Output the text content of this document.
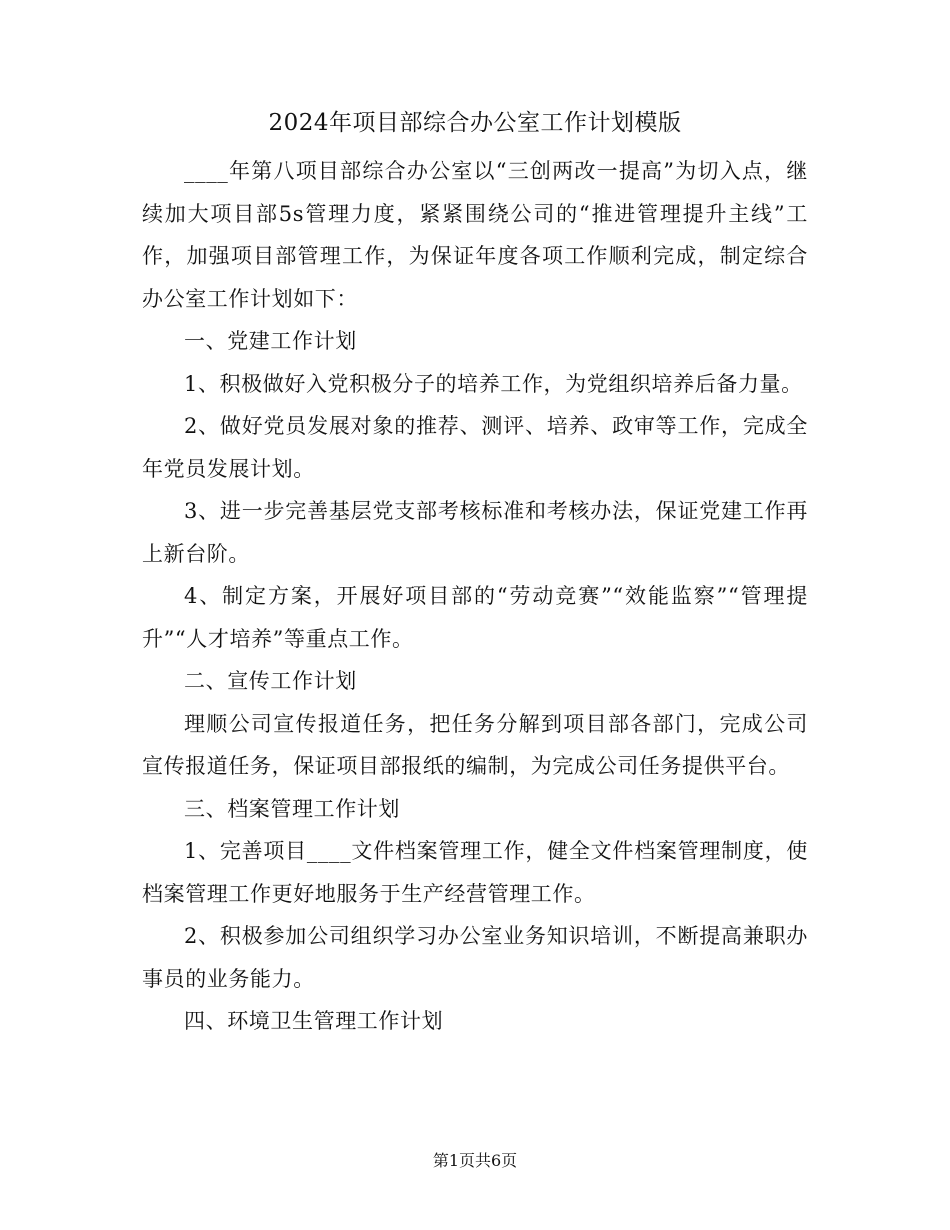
2024年项目部综合办公室工作计划模版

____年第八项目部综合办公室以“三创两改一提高”为切入点，继续加大项目部5s管理力度，紧紧围绕公司的“推进管理提升主线”工作，加强项目部管理工作，为保证年度各项工作顺利完成，制定综合办公室工作计划如下：

一、党建工作计划

1、积极做好入党积极分子的培养工作，为党组织培养后备力量。

2、做好党员发展对象的推荐、测评、培养、政审等工作，完成全年党员发展计划。

3、进一步完善基层党支部考核标准和考核办法，保证党建工作再上新台阶。

4、制定方案，开展好项目部的“劳动竞赛”“效能监察”“管理提升”“人才培养”等重点工作。

二、宣传工作计划

理顺公司宣传报道任务，把任务分解到项目部各部门，完成公司宣传报道任务，保证项目部报纸的编制，为完成公司任务提供平台。

三、档案管理工作计划

1、完善项目____文件档案管理工作，健全文件档案管理制度，使档案管理工作更好地服务于生产经营管理工作。

2、积极参加公司组织学习办公室业务知识培训，不断提高兼职办事员的业务能力。

四、环境卫生管理工作计划

第1页共6页
